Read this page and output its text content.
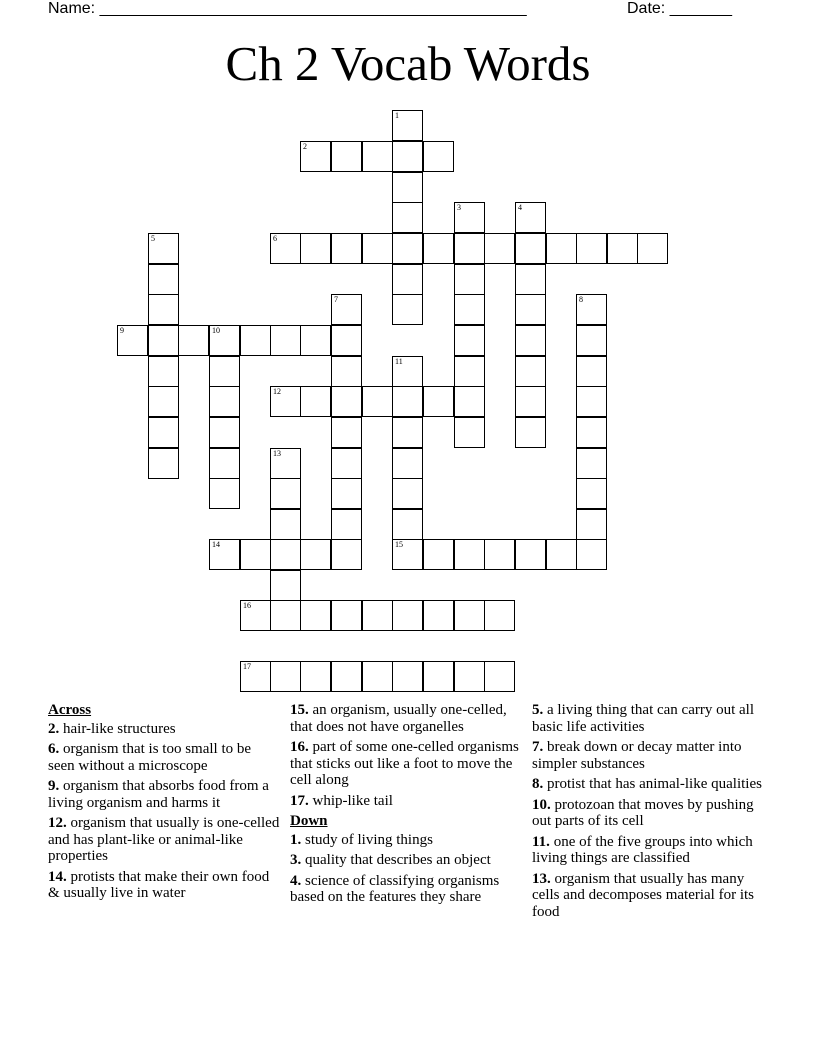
Name: ________________________________________________	Date: _______
Ch 2 Vocab Words
1
2
3	4
5	6
7	8
9	10
11
12
13
14	15
16
17
Across
2. hair-like structures
6. organism that is too small to be seen without a microscope
9. organism that absorbs food from a living organism and harms it
12. organism that usually is one-celled and has plant-like or animal-like properties
14. protists that make their own food & usually live in water
15. an organism, usually one-celled, that does not have organelles
16. part of some one-celled organisms that sticks out like a foot to move the cell along
17. whip-like tail
Down
1. study of living things
3. quality that describes an object
4. science of classifying organisms based on the features they share
5. a living thing that can carry out all basic life activities
7. break down or decay matter into simpler substances
8. protist that has animal-like qualities
10. protozoan that moves by pushing out parts of its cell
11. one of the five groups into which living things are classified
13. organism that usually has many cells and decomposes material for its food
